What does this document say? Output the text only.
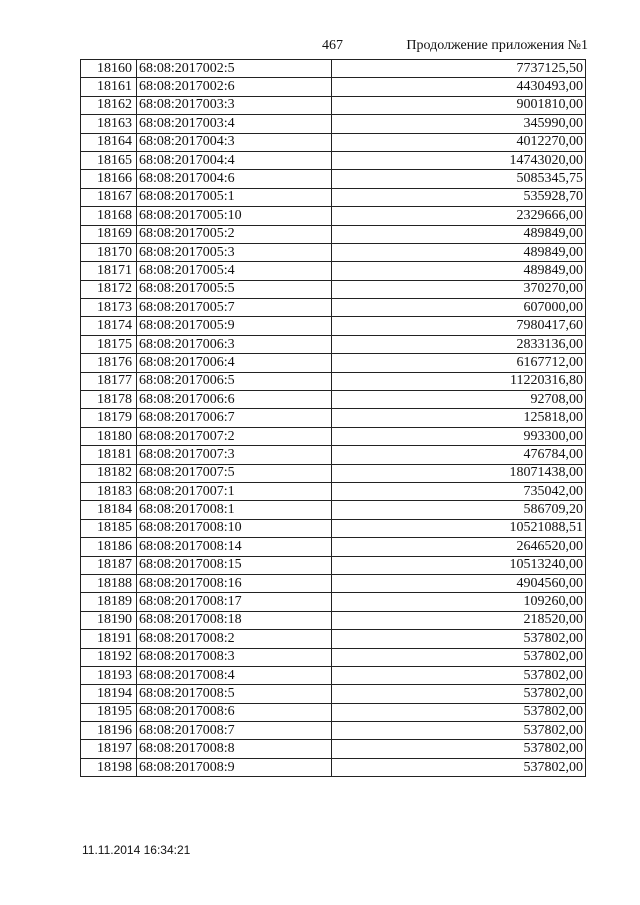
467	Продолжение приложения №1
18160	68:08:2017002:5	7737125,50
18161	68:08:2017002:6	4430493,00
18162	68:08:2017003:3	9001810,00
18163	68:08:2017003:4	345990,00
18164	68:08:2017004:3	4012270,00
18165	68:08:2017004:4	14743020,00
18166	68:08:2017004:6	5085345,75
18167	68:08:2017005:1	535928,70
18168	68:08:2017005:10	2329666,00
18169	68:08:2017005:2	489849,00
18170	68:08:2017005:3	489849,00
18171	68:08:2017005:4	489849,00
18172	68:08:2017005:5	370270,00
18173	68:08:2017005:7	607000,00
18174	68:08:2017005:9	7980417,60
18175	68:08:2017006:3	2833136,00
18176	68:08:2017006:4	6167712,00
18177	68:08:2017006:5	11220316,80
18178	68:08:2017006:6	92708,00
18179	68:08:2017006:7	125818,00
18180	68:08:2017007:2	993300,00
18181	68:08:2017007:3	476784,00
18182	68:08:2017007:5	18071438,00
18183	68:08:2017007:1	735042,00
18184	68:08:2017008:1	586709,20
18185	68:08:2017008:10	10521088,51
18186	68:08:2017008:14	2646520,00
18187	68:08:2017008:15	10513240,00
18188	68:08:2017008:16	4904560,00
18189	68:08:2017008:17	109260,00
18190	68:08:2017008:18	218520,00
18191	68:08:2017008:2	537802,00
18192	68:08:2017008:3	537802,00
18193	68:08:2017008:4	537802,00
18194	68:08:2017008:5	537802,00
18195	68:08:2017008:6	537802,00
18196	68:08:2017008:7	537802,00
18197	68:08:2017008:8	537802,00
18198	68:08:2017008:9	537802,00
11.11.2014 16:34:21
